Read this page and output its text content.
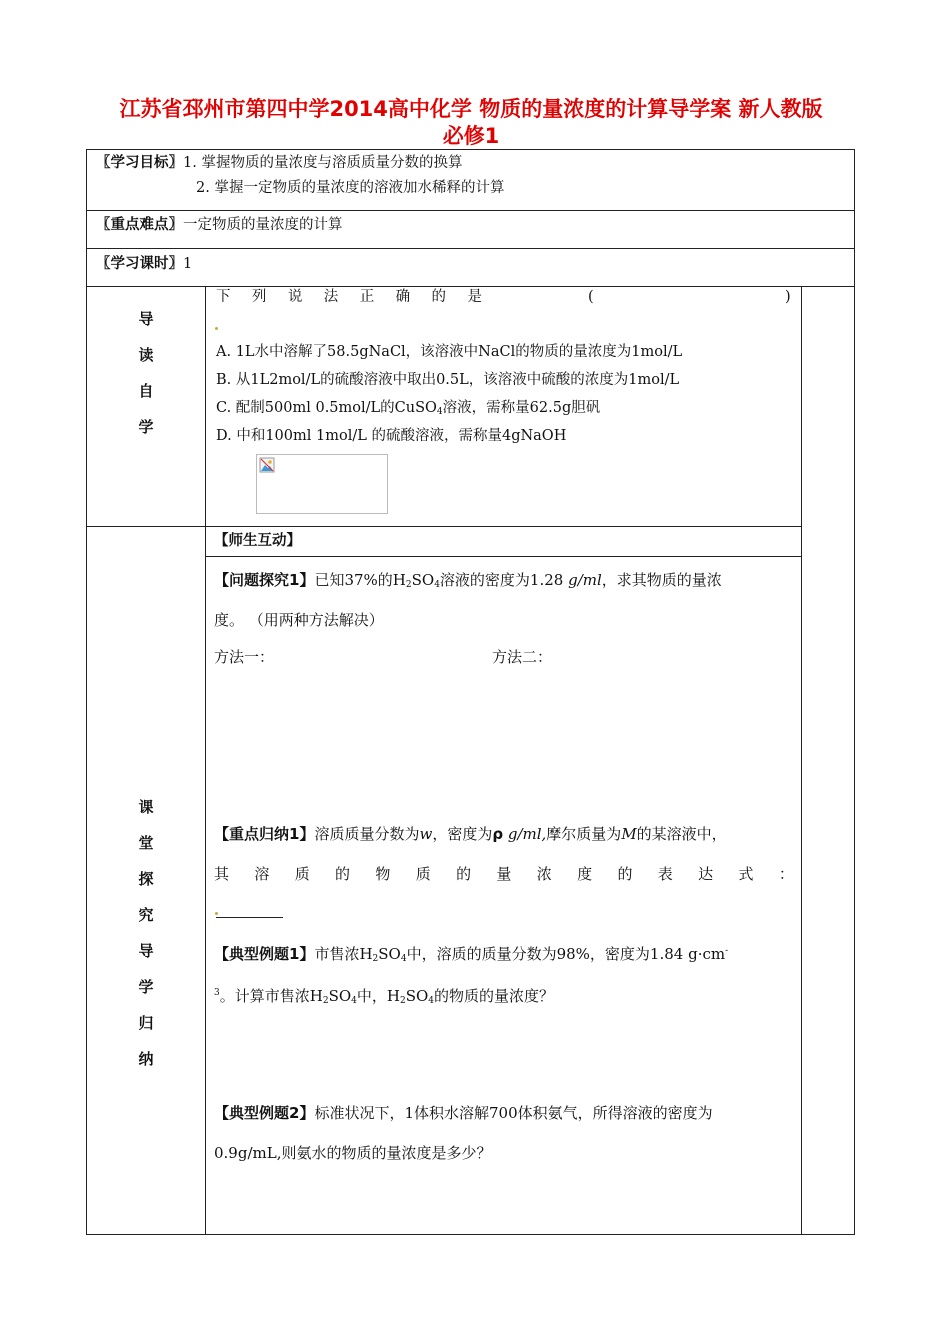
江苏省邳州市第四中学2014高中化学 物质的量浓度的计算导学案 新人教版
必修1
〖学习目标〗1. 掌握物质的量浓度与溶质质量分数的换算
2. 掌握一定物质的量浓度的溶液加水稀释的计算
〖重点难点〗一定物质的量浓度的计算
〖学习课时〗1
导
读
自
学
下 列 说 法 正 确 的 是	(	)
A. 1L水中溶解了58.5gNaCl，该溶液中NaCl的物质的量浓度为1mol/L
B. 从1L2mol/L的硫酸溶液中取出0.5L，该溶液中硫酸的浓度为1mol/L
C. 配制500ml 0.5mol/L的CuSO$_4$溶液，需称量62.5g胆矾
D. 中和100ml 1mol/L 的硫酸溶液，需称量4gNaOH
课
堂
探
究
导
学
归
纳
【师生互动】
【问题探究1】已知37%的$H_2SO_4$溶液的密度为1.28 g/ml，求其物质的量浓
度。 （用两种方法解决）
方法一：	方法二：
【重点归纳1】溶质质量分数为w，密度为ρ g/ml,摩尔质量为M的某溶液中，
其 溶 质 的 物 质 的 量 浓 度 的 表 达 式 ：
【典型例题1】市售浓$H_2SO_4$中，溶质的质量分数为98%，密度为1.84 g·cm-
$^3$。计算市售浓$H_2SO_4$中，$H_2SO_4$的物质的量浓度？
【典型例题2】标准状况下，1体积水溶解700体积氨气，所得溶液的密度为
0.9g/mL,则氨水的物质的量浓度是多少？
